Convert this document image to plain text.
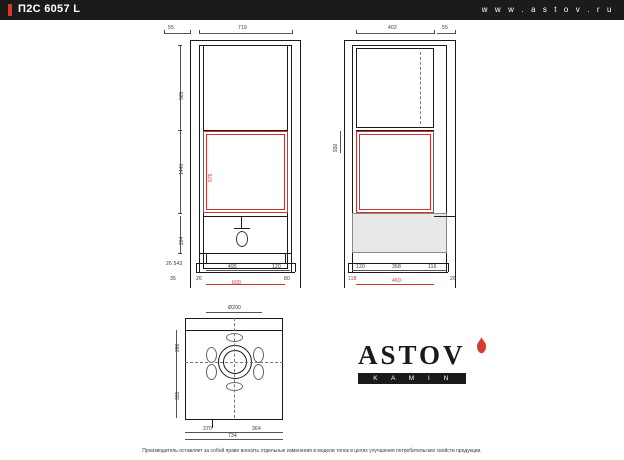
П2С 6057 L	w w w . a s t o v . r u
55	719
565
1440
264
575
26 543
35	26
495	120
80
600
402	55
930
120	368	116
26
118	460
Ø200
286
331
370	364
734
ASTOV
K A M I N
Производитель оставляет за собой право вносить отдельные изменения в модели топок в целях улучшения потребительских свойств продукции.
